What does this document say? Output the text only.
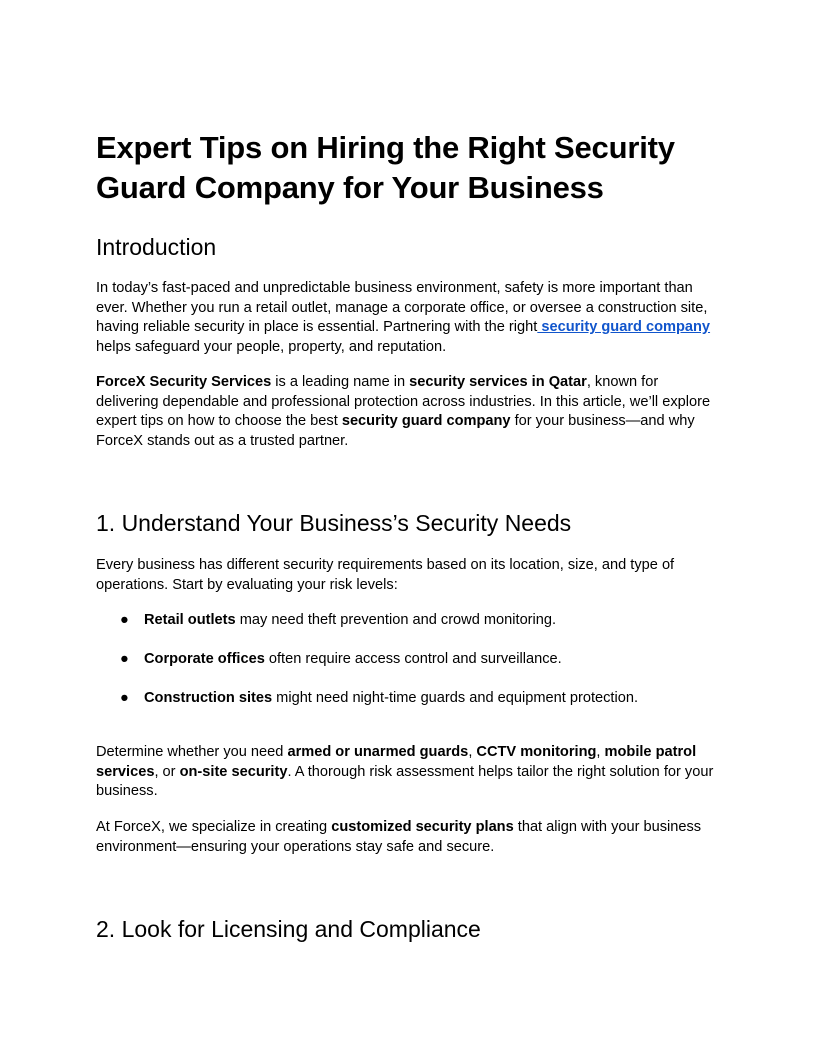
Expert Tips on Hiring the Right Security Guard Company for Your Business
Introduction

In today’s fast-paced and unpredictable business environment, safety is more important than ever. Whether you run a retail outlet, manage a corporate office, or oversee a construction site, having reliable security in place is essential. Partnering with the right security guard company helps safeguard your people, property, and reputation.

ForceX Security Services is a leading name in security services in Qatar, known for delivering dependable and professional protection across industries. In this article, we’ll explore expert tips on how to choose the best security guard company for your business—and why ForceX stands out as a trusted partner.

1. Understand Your Business’s Security Needs

Every business has different security requirements based on its location, size, and type of operations. Start by evaluating your risk levels:

● Retail outlets may need theft prevention and crowd monitoring.
● Corporate offices often require access control and surveillance.
● Construction sites might need night-time guards and equipment protection.

Determine whether you need armed or unarmed guards, CCTV monitoring, mobile patrol services, or on-site security. A thorough risk assessment helps tailor the right solution for your business.

At ForceX, we specialize in creating customized security plans that align with your business environment—ensuring your operations stay safe and secure.

2. Look for Licensing and Compliance
